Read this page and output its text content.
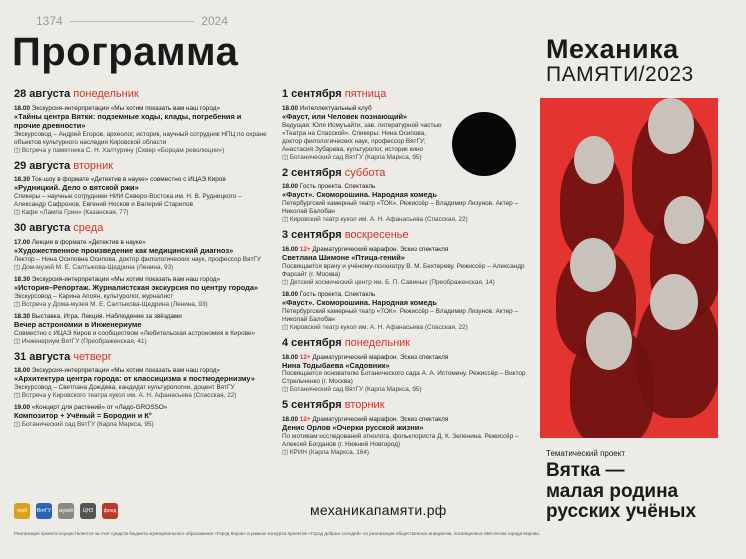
1374	2024
Программа
28 августа понедельник
18.00 Экскурсия-интерпретации «Мы хотим показать вам наш город»
«Тайны центра Вятки: подземные ходы, клады, погребения и прочие древности»
Экскурсовод – Андрей Егоров, археолог, историк, научный сотрудник НПЦ по охране объектов культурного наследия Кировской области
◫ Встреча у памятника С. Н. Халтурину (Сквер «Борцам революции»)
29 августа вторник
18.30 Ток-шоу в формате «Детектив в науке» совместно с ИЦАЭ Киров
«Рудницкий. Дело о вятской ржи»
Спикеры – научные сотрудники НИИ Северо-Востока им. Н. В. Рудницкого – Александр Сафронов, Евгений Носков и Валерий Старилов
◫ Кафе «Лампа Грин» (Казанская, 77)
30 августа среда
17.00 Лекция в формате «Детектив в науке»
«Художественное произведение как медицинский диагноз»
Лектор – Нина Осиповна Осипова, доктор филологических наук, профессор ВятГУ
◫ Дом-музей М. Е. Салтыкова-Щедрина (Ленина, 93)
18.30 Экскурсия-интерпретации «Мы хотим показать вам наш город»
«История–Репортаж. Журналистская экскурсия по центру города»
Экскурсовод – Карина Апоян, культуролог, журналист
◫ Встреча у Дома-музея М. Е. Салтыкова-Щедрина (Ленина, 93)
18.30 Выставка. Игра. Лекция. Наблюдение за звёздами
Вечер астрономии в Инженериуме
Совместно с ИЦАЭ Киров и сообществом «Любительская астрономия в Кирове»
◫ Инженериум ВятГУ (Преображенская, 41)
31 августа четверг
18.00 Экскурсия-интерпретации «Мы хотим показать вам наш город»
«Архитектура центра города: от классицизма к постмодернизму»
Экскурсовод – Светлана Дождева, кандидат культурологии, доцент ВятГУ
◫ Встреча у Кировского театра кукол им. А. Н. Афанасьева (Спасская, 22)
19.00 «Концерт для растений» от «Ладо-GROSSO»
Композитор + Учёный = Бородин и К°
◫ Ботанический сад ВятГУ (Карла Маркса, 95)
1 сентября пятница
18.00 Интеллектуальный клуб
«Фауст, или Человек познающий»
Ведущая: Юля Исмуъайти, зав. литературной частью «Театра на Спасской». Спикеры: Нина Осипова, доктор филологических наук, профессор ВятГУ; Анастасия Зубарева, культуролог, историк кино
◫ Ботанический сад ВятГУ (Карла Маркса, 95)
2 сентября суббота
18.00 Гость проекта. Спектакль
«Фауст». Скоморошина. Народная комедь
Петербургский камерный театр «ТОК». Режиссёр – Владимир Лизунов. Актер – Николай Балобан
◫ Кировский театр кукол им. А. Н. Афанасьева (Спасская, 22)
3 сентября воскресенье
16.00 12+ Драматургический марафон. Эскиз спектакля
Светлана Шимоне «Птица-гений»
Посвящается врачу и учёному-психиатру В. М. Бехтереву. Режиссёр – Александр Фарсайт (г. Москва)
◫ Детский космический центр им. Б. П. Савиных (Преображенская, 14)
18.00 Гость проекта. Спектакль
«Фауст». Скоморошина. Народная комедь
Петербургский камерный театр «ТОК». Режиссёр – Владимир Лизунов. Актер – Николай Балобан
◫ Кировский театр кукол им. А. Н. Афанасьева (Спасская, 22)
4 сентября понедельник
18.00 12+ Драматургический марафон. Эскиз спектакля
Нина Тодыбаева «Садовник»
Посвящается основателю Ботанического сада А. А. Истомину. Режиссёр – Виктор Стрельченко (г. Москва)
◫ Ботанический сад ВятГУ (Карла Маркса, 95)
5 сентября вторник
18.00 12+ Драматургический марафон. Эскиз спектакля
Денис Орлов «Очерки русской жизни»
По мотивам исследований этнолога, фольклориста Д. К. Зеленина. Режиссёр – Алексей Богданов (г. Нижний Новгород)
◫ КРИН (Карла Маркса, 164)
Механика
ПАМЯТИ/2023
Тематический проект
Вятка —
малая родина
русских учёных
герб	ВятГУ музей	ЦНЗ	фонд	механикапамяти.рф
Реализация проекта осуществляется за счет средств бюджета муниципального образования «Город Киров» в рамках конкурса проектов «Город добрых соседей» по реализации общественных инициатив, посвященных 650-летию города Кирова.
